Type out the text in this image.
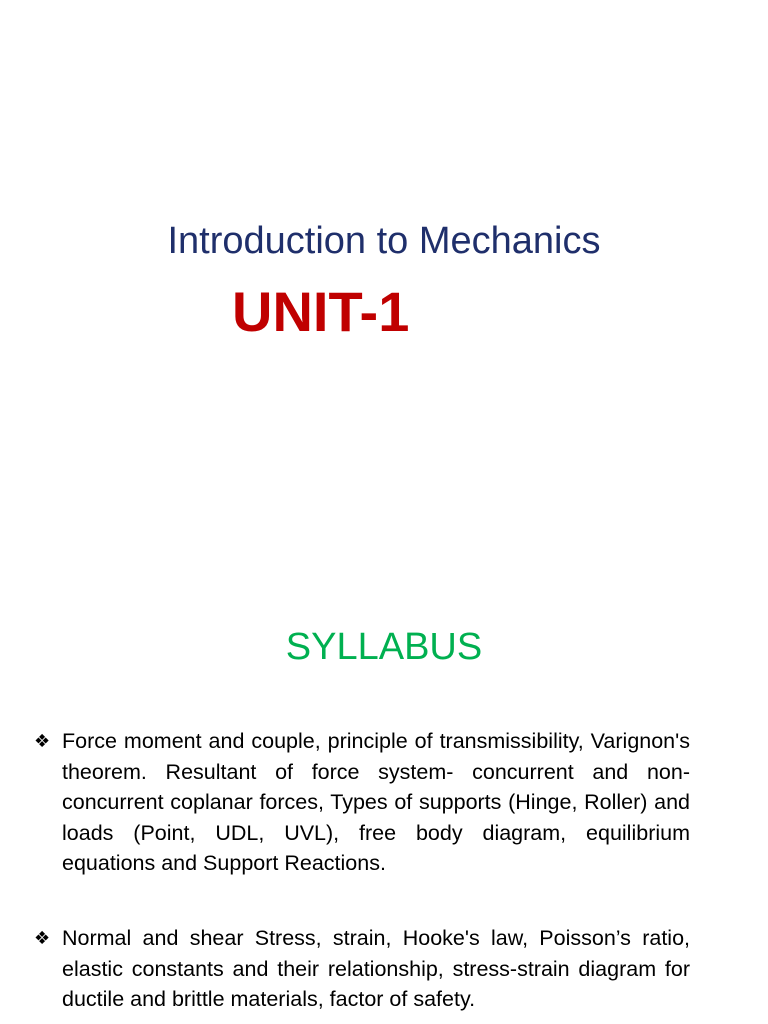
Introduction to Mechanics
UNIT-1
SYLLABUS
❖ Force moment and couple, principle of transmissibility, Varignon's theorem. Resultant of force system- concurrent and non-concurrent coplanar forces, Types of supports (Hinge, Roller) and loads (Point, UDL, UVL), free body diagram, equilibrium equations and Support Reactions.
❖ Normal and shear Stress, strain, Hooke's law, Poisson’s ratio, elastic constants and their relationship, stress-strain diagram for ductile and brittle materials, factor of safety.
